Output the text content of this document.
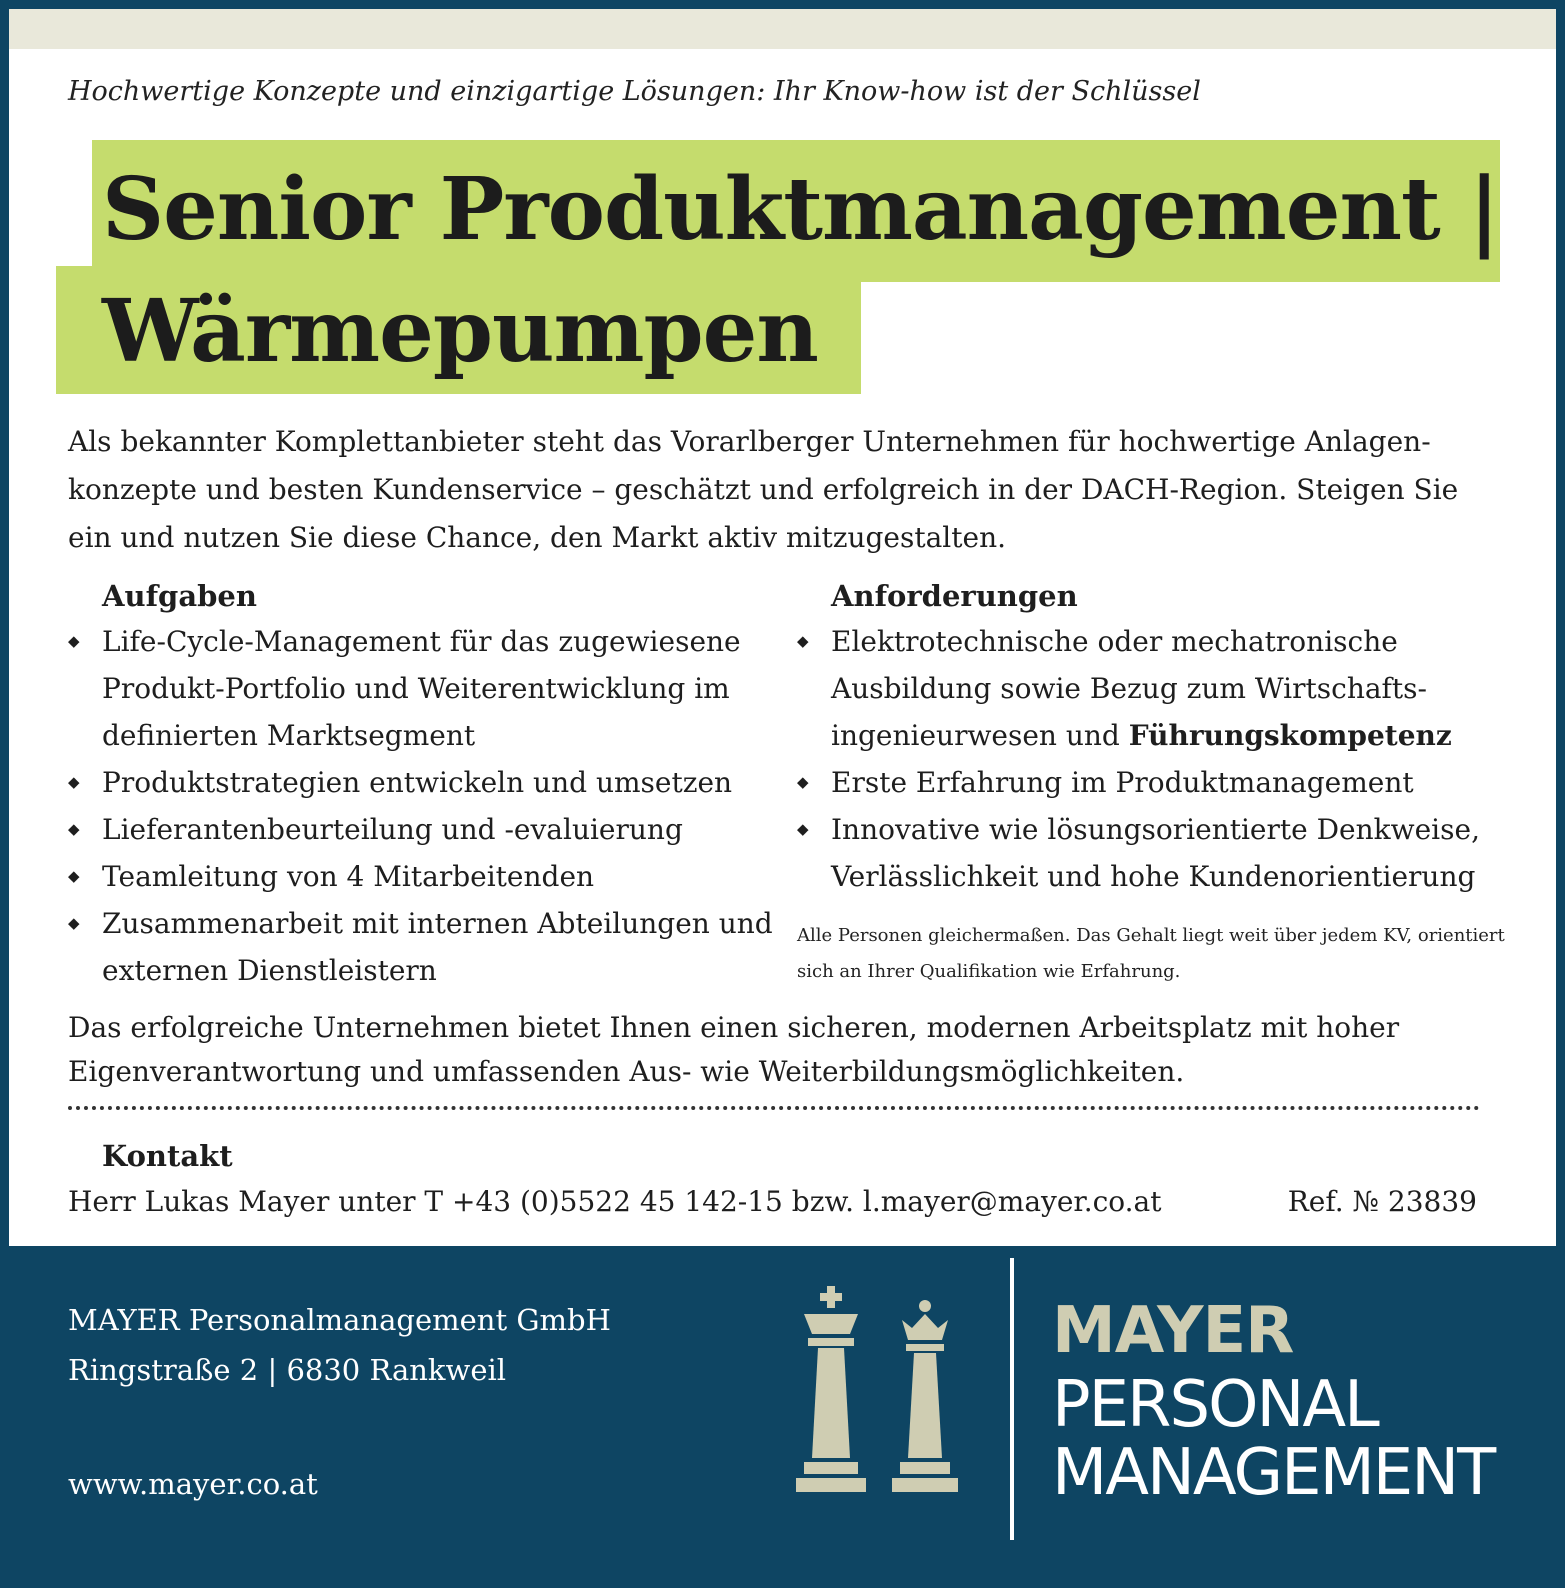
Hochwertige Konzepte und einzigartige Lösungen: Ihr Know-how ist der Schlüssel
Senior Produktmanagement |
Wärmepumpen

Als bekannter Komplettanbieter steht das Vorarlberger Unternehmen für hochwertige Anlagenkonzepte und besten Kundenservice – geschätzt und erfolgreich in der DACH-Region. Steigen Sie ein und nutzen Sie diese Chance, den Markt aktiv mitzugestalten.

Aufgaben
◆ Life-Cycle-Management für das zugewiesene Produkt-Portfolio und Weiterentwicklung im definierten Marktsegment
◆ Produktstrategien entwickeln und umsetzen
◆ Lieferantenbeurteilung und -evaluierung
◆ Teamleitung von 4 Mitarbeitenden
◆ Zusammenarbeit mit internen Abteilungen und externen Dienstleistern
Anforderungen
◆ Elektrotechnische oder mechatronische Ausbildung sowie Bezug zum Wirtschaftsingenieurwesen und Führungskompetenz
◆ Erste Erfahrung im Produktmanagement
◆ Innovative wie lösungsorientierte Denkweise, Verlässlichkeit und hohe Kundenorientierung
Alle Personen gleichermaßen. Das Gehalt liegt weit über jedem KV, orientiert sich an Ihrer Qualifikation wie Erfahrung.

Das erfolgreiche Unternehmen bietet Ihnen einen sicheren, modernen Arbeitsplatz mit hoher Eigenverantwortung und umfassenden Aus- wie Weiterbildungsmöglichkeiten.

Kontakt
Herr Lukas Mayer unter T +43 (0)5522 45 142-15 bzw. l.mayer@mayer.co.at	Ref. № 23839
MAYER Personalmanagement GmbH
Ringstraße 2 | 6830 Rankweil
www.mayer.co.at
MAYER
PERSONAL
MANAGEMENT
